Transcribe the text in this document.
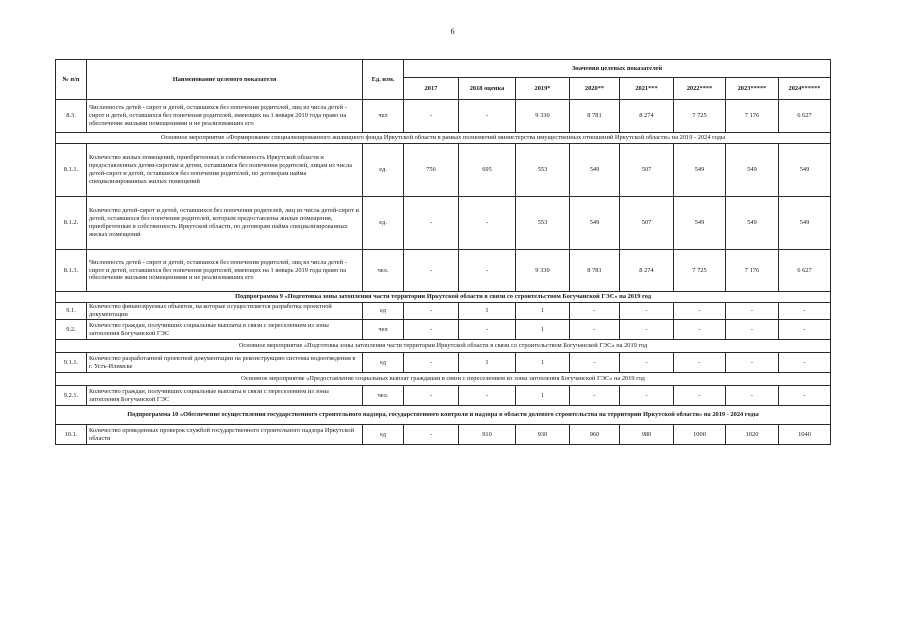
6
№ п/п	Наименование целевого показателя	Ед. изм.	Значения целевых показателей							
			2017	2018 оценка	2019*	2020**	2021***	2022****	2023*****	2024******
8.3.	Численность детей - сирот и детей, оставшихся без попечения родителей, лиц из числа детей - сирот и детей, оставшихся без попечения родителей, имеющих на 1 января 2019 года право на обеспечение жилыми помещениями и не реализовавших его	чел	-	-	9 330	8 781	8 274	7 725	7 176	6 627
Основное мероприятие «Формирование специализированного жилищного фонда Иркутской области в рамках полномочий министерства имущественных отношений Иркутской области» на 2019 - 2024 годы										
8.1.1.	Количество жилых помещений, приобретенных в собственность Иркутской области и предоставленных детям-сиротам и детям, оставшимся без попечения родителей, лицам из числа детей-сирот и детей, оставшихся без попечения родителей, по договорам найма специализированных жилых помещений	ед.	756	695	553	549	507	549	549	549
8.1.2.	Количество детей-сирот и детей, оставшихся без попечения родителей, лиц из числа детей-сирот и детей, оставшихся без попечения родителей, которым предоставлены жилые помещения, приобретенные в собственность Иркутской области, по договорам найма специализированных жилых помещений	ед.	-	-	553	549	507	549	549	549
8.1.3.	Численность детей - сирот и детей, оставшихся без попечения родителей, лиц из числа детей - сирот и детей, оставшихся без попечения родителей, имеющих на 1 январь 2019 года право на обеспечение жилыми помещениями и не реализовавших его	чел.	-	-	9 330	8 781	8 274	7 725	7 176	6 627
Подпрограмма 9 «Подготовка зоны затопления части территории Иркутской области в связи со строительством Богучанской ГЭС» на 2019 год										
9.1.	Количество финансируемых объектов, на которые осуществляется разработка проектной документации	ед	-	1	1	-	-	-	-	-
9.2.	Количество граждан, получивших социальные выплаты в связи с переселением из зоны затопления Богучанской ГЭС	чел	-	-	1	-	-	-	-	-
Основное мероприятие «Подготовка зоны затопления части территории Иркутской области в связи со строительством Богучанской ГЭС» на 2019 год										
9.1.1.	Количество разработанной проектной документации на реконструкцию системы водоотведения в г. Усть-Илимске	ед	-	1	1	-	-	-	-	-
Основное мероприятие «Предоставление социальных выплат гражданам в связи с переселением из зоны затопления Богучанской ГЭС» на 2019 год										
9.2.1.	Количество граждан, получивших социальные выплаты в связи с переселением из зоны затопления Богучанской ГЭС	чел.	-	-	1	-	-	-	-	-
Подпрограмма 10 «Обеспечение осуществления государственного строительного надзора, государственного контроля и надзора в области долевого строительства на территории Иркутской области» на 2019 - 2024 годы										
10.1.	Количество проведенных проверок службой государственного строительного надзора Иркутской области	ед	-	910	930	960	980	1000	1020	1040
